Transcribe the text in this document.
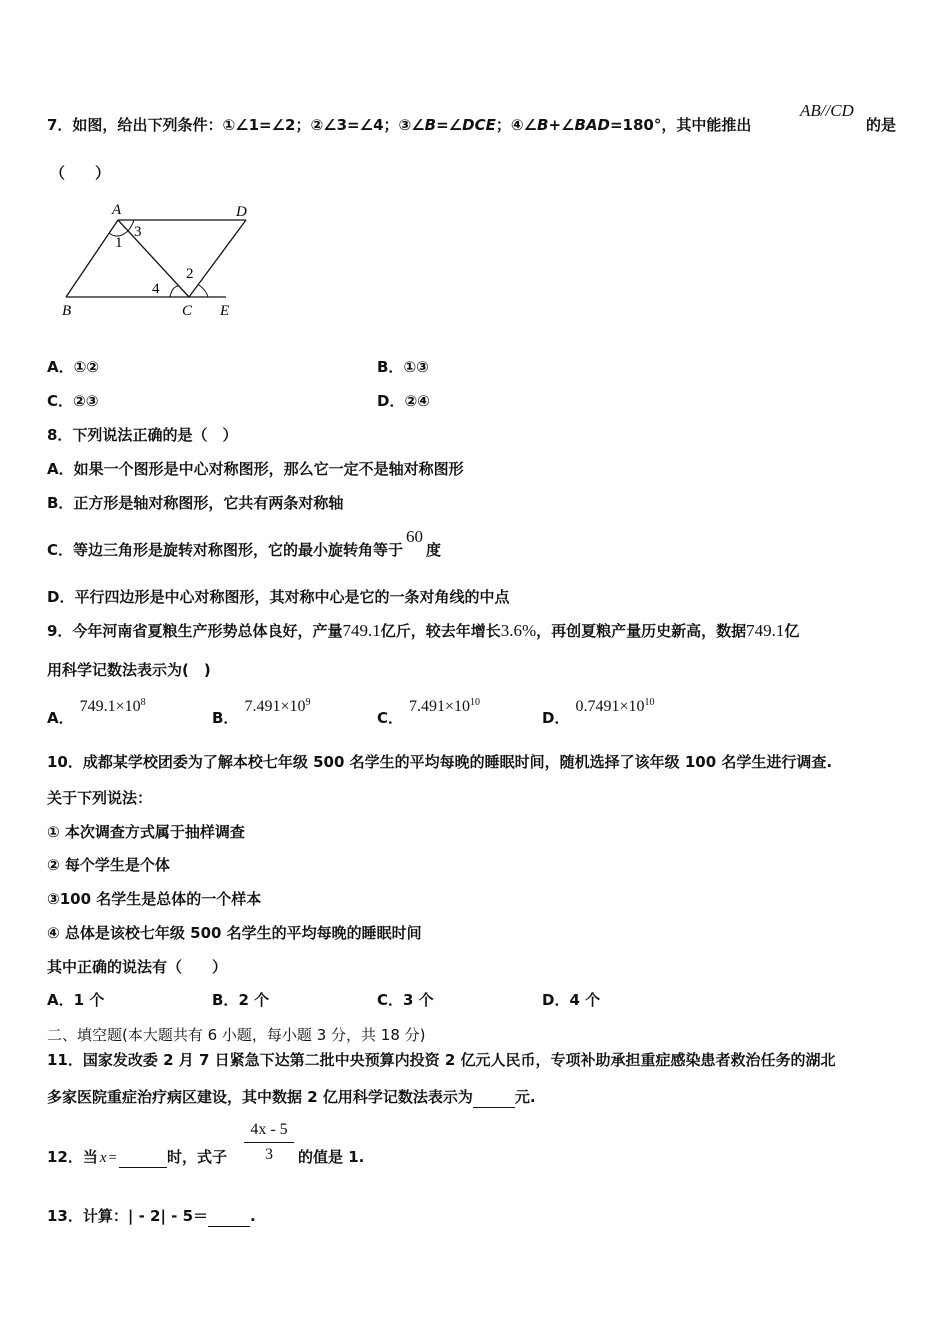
7．如图，给出下列条件：①∠1=∠2；②∠3=∠4；③∠B=∠DCE；④∠B+∠BAD=180°，其中能推出
AB//CD
的是
（　　）
A	D
B	C E
1
2
3
4
A．①②	B．①③
C．②③	D．②④
8．下列说法正确的是（　）
A．如果一个图形是中心对称图形，那么它一定不是轴对称图形
B．正方形是轴对称图形，它共有两条对称轴
C．等边三角形是旋转对称图形，它的最小旋转角等于60度
D．平行四边形是中心对称图形，其对称中心是它的一条对角线的中点
9．今年河南省夏粮生产形势总体良好，产量749.1亿斤，较去年增长3.6%，再创夏粮产量历史新高，数据749.1亿
用科学记数法表示为(　)
A．$749.1\times 10^8$
B．$7.491\times 10^9$
C．$7.491\times 10^{10}$
D．$0.7491\times 10^{10}$
10．成都某学校团委为了解本校七年级 500 名学生的平均每晚的睡眠时间，随机选择了该年级 100 名学生进行调查.
关于下列说法：
① 本次调查方式属于抽样调查
② 每个学生是个体
③100 名学生是总体的一个样本
④ 总体是该校七年级 500 名学生的平均每晚的睡眠时间
其中正确的说法有（　　）
A．1 个	B．2 个	C．3 个	D．4 个
二、填空题(本大题共有 6 小题，每小题 3 分，共 18 分)
11．国家发改委 2 月 7 日紧急下达第二批中央预算内投资 2 亿元人民币，专项补助承担重症感染患者救治任务的湖北
多家医院重症治疗病区建设，其中数据 2 亿用科学记数法表示为	元.
12．当 x =	时，式子
4x - 5
3	的值是 1.
13．计算：| - 2| - 5＝	.
